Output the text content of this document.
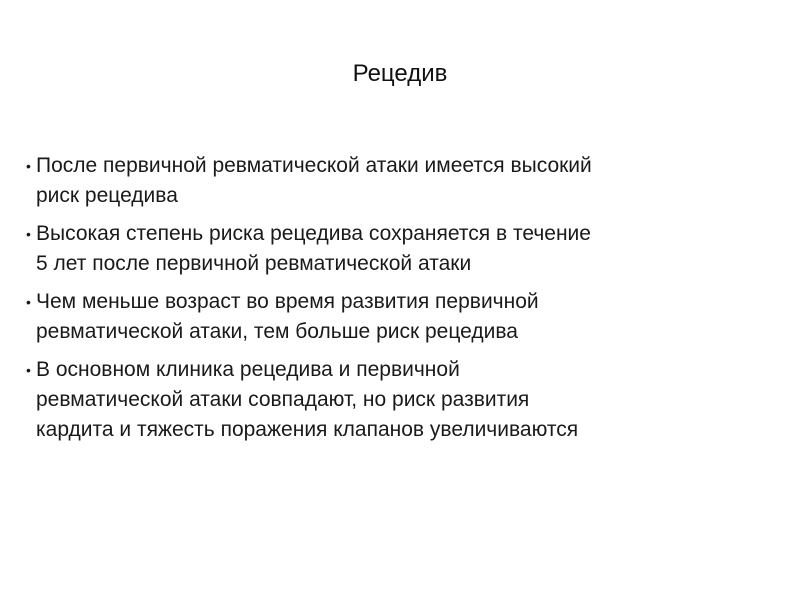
Рецедив
• После первичной ревматической атаки имеется высокий
риск рецедива
• Высокая степень риска рецедива сохраняется в течение
5 лет после первичной ревматической атаки
• Чем меньше возраст во время развития первичной
ревматической атаки, тем больше риск рецедива
• В основном клиника рецедива и первичной
ревматической атаки совпадают, но риск развития
кардита и тяжесть поражения клапанов увеличиваются
